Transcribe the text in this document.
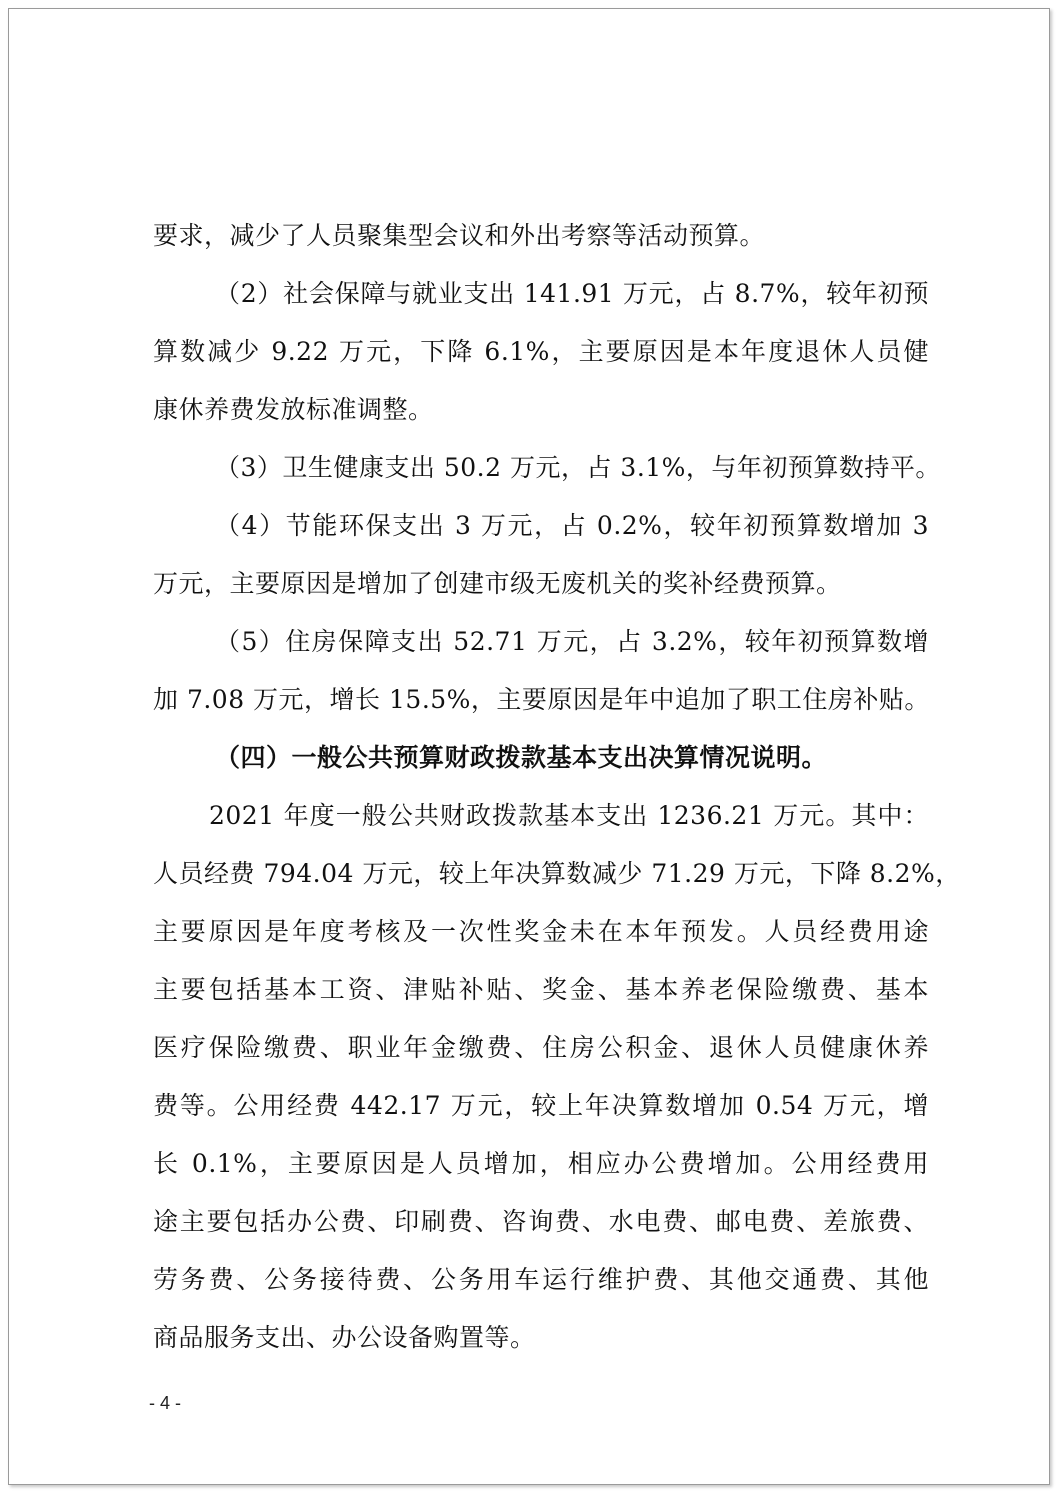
要求，减少了人员聚集型会议和外出考察等活动预算。
（2）社会保障与就业支出 141.91 万元，占 8.7%，较年初预
算数减少 9.22 万元，下降 6.1%，主要原因是本年度退休人员健
康休养费发放标准调整。
（3）卫生健康支出 50.2 万元，占 3.1%，与年初预算数持平。
（4）节能环保支出 3 万元，占 0.2%，较年初预算数增加 3
万元，主要原因是增加了创建市级无废机关的奖补经费预算。
（5）住房保障支出 52.71 万元，占 3.2%，较年初预算数增
加 7.08 万元，增长 15.5%，主要原因是年中追加了职工住房补贴。
（四）一般公共预算财政拨款基本支出决算情况说明。
2021 年度一般公共财政拨款基本支出 1236.21 万元。其中：
人员经费 794.04 万元，较上年决算数减少 71.29 万元，下降 8.2%，
主要原因是年度考核及一次性奖金未在本年预发。人员经费用途
主要包括基本工资、津贴补贴、奖金、基本养老保险缴费、基本
医疗保险缴费、职业年金缴费、住房公积金、退休人员健康休养
费等。公用经费 442.17 万元，较上年决算数增加 0.54 万元，增
长 0.1%，主要原因是人员增加，相应办公费增加。公用经费用
途主要包括办公费、印刷费、咨询费、水电费、邮电费、差旅费、
劳务费、公务接待费、公务用车运行维护费、其他交通费、其他
商品服务支出、办公设备购置等。
- 4 -
